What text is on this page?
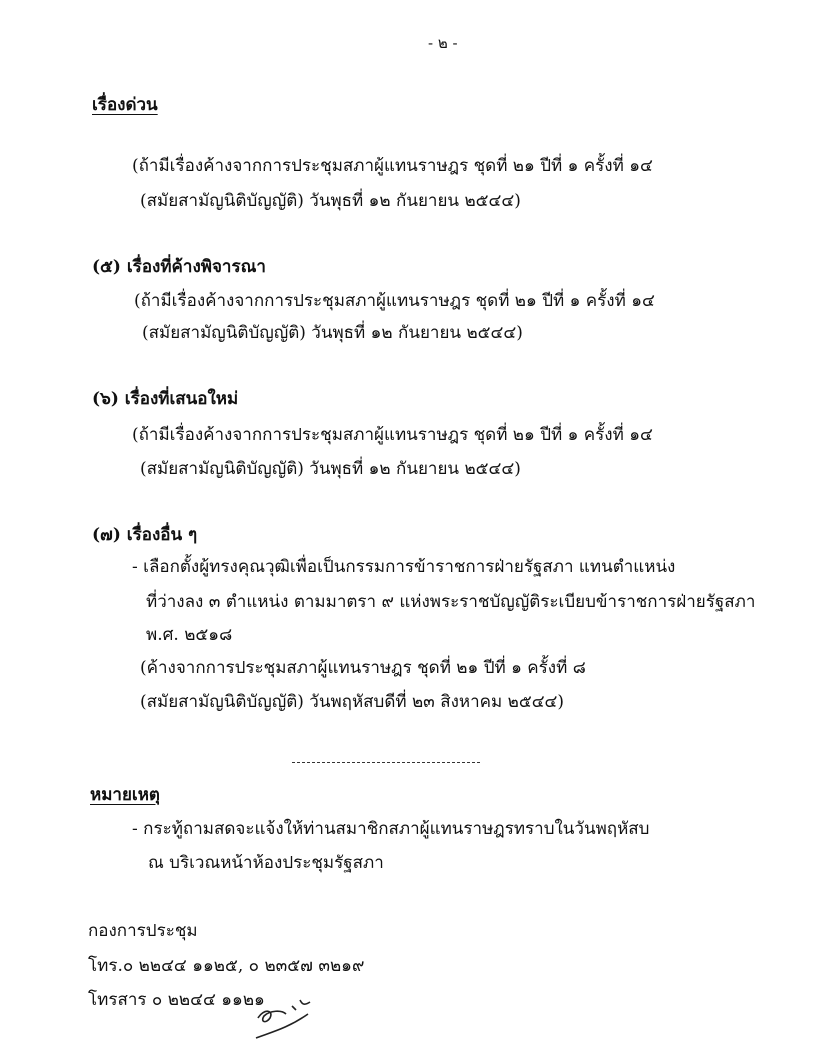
- ๒ -
เรื่องด่วน
(ถ้ามีเรื่องค้างจากการประชุมสภาผู้แทนราษฎร ชุดที่ ๒๑ ปีที่ ๑ ครั้งที่ ๑๔
(สมัยสามัญนิติบัญญัติ) วันพุธที่ ๑๒ กันยายน ๒๕๔๔)
(๕) เรื่องที่ค้างพิจารณา
(ถ้ามีเรื่องค้างจากการประชุมสภาผู้แทนราษฎร ชุดที่ ๒๑ ปีที่ ๑ ครั้งที่ ๑๔
(สมัยสามัญนิติบัญญัติ) วันพุธที่ ๑๒ กันยายน ๒๕๔๔)
(๖) เรื่องที่เสนอใหม่
(ถ้ามีเรื่องค้างจากการประชุมสภาผู้แทนราษฎร ชุดที่ ๒๑ ปีที่ ๑ ครั้งที่ ๑๔
(สมัยสามัญนิติบัญญัติ) วันพุธที่ ๑๒ กันยายน ๒๕๔๔)
(๗) เรื่องอื่น ๆ
- เลือกตั้งผู้ทรงคุณวุฒิเพื่อเป็นกรรมการข้าราชการฝ่ายรัฐสภา แทนตำแหน่ง
ที่ว่างลง ๓ ตำแหน่ง ตามมาตรา ๙ แห่งพระราชบัญญัติระเบียบข้าราชการฝ่ายรัฐสภา
พ.ศ. ๒๕๑๘
(ค้างจากการประชุมสภาผู้แทนราษฎร ชุดที่ ๒๑ ปีที่ ๑ ครั้งที่ ๘
(สมัยสามัญนิติบัญญัติ) วันพฤหัสบดีที่ ๒๓ สิงหาคม ๒๕๔๔)
หมายเหตุ
- กระทู้ถามสดจะแจ้งให้ท่านสมาชิกสภาผู้แทนราษฎรทราบในวันพฤหัสบ
ณ บริเวณหน้าห้องประชุมรัฐสภา
กองการประชุม
โทร.๐ ๒๒๔๔ ๑๑๒๕, ๐ ๒๓๕๗ ๓๒๑๙
โทรสาร ๐ ๒๒๔๔ ๑๑๒๑
